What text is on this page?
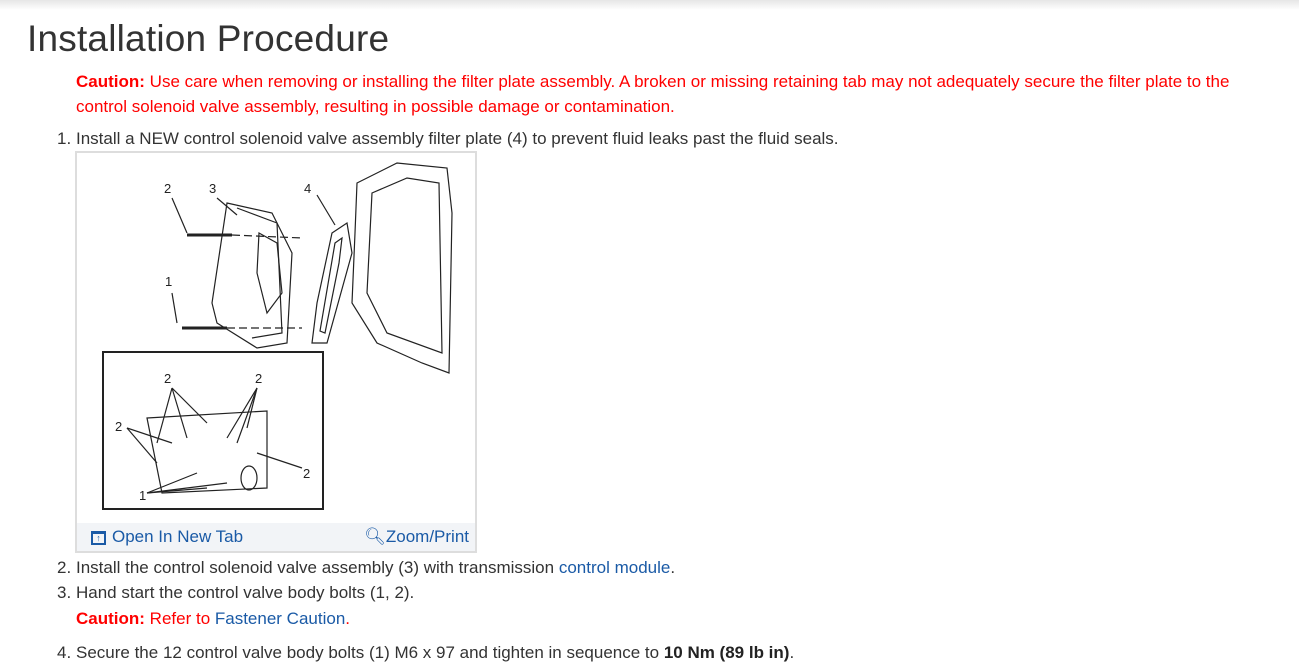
Installation Procedure
Caution: Use care when removing or installing the filter plate assembly. A broken or missing retaining tab may not adequately secure the filter plate to the control solenoid valve assembly, resulting in possible damage or contamination.
1. Install a NEW control solenoid valve assembly filter plate (4) to prevent fluid leaks past the fluid seals.
2	3	4
1
2	2
2
2
1
↑ Open In New Tab	🔍︎Zoom/Print
2. Install the control solenoid valve assembly (3) with transmission control module.
3. Hand start the control valve body bolts (1, 2).
Caution: Refer to Fastener Caution.
4. Secure the 12 control valve body bolts (1) M6 x 97 and tighten in sequence to 10 Nm (89 lb in).
